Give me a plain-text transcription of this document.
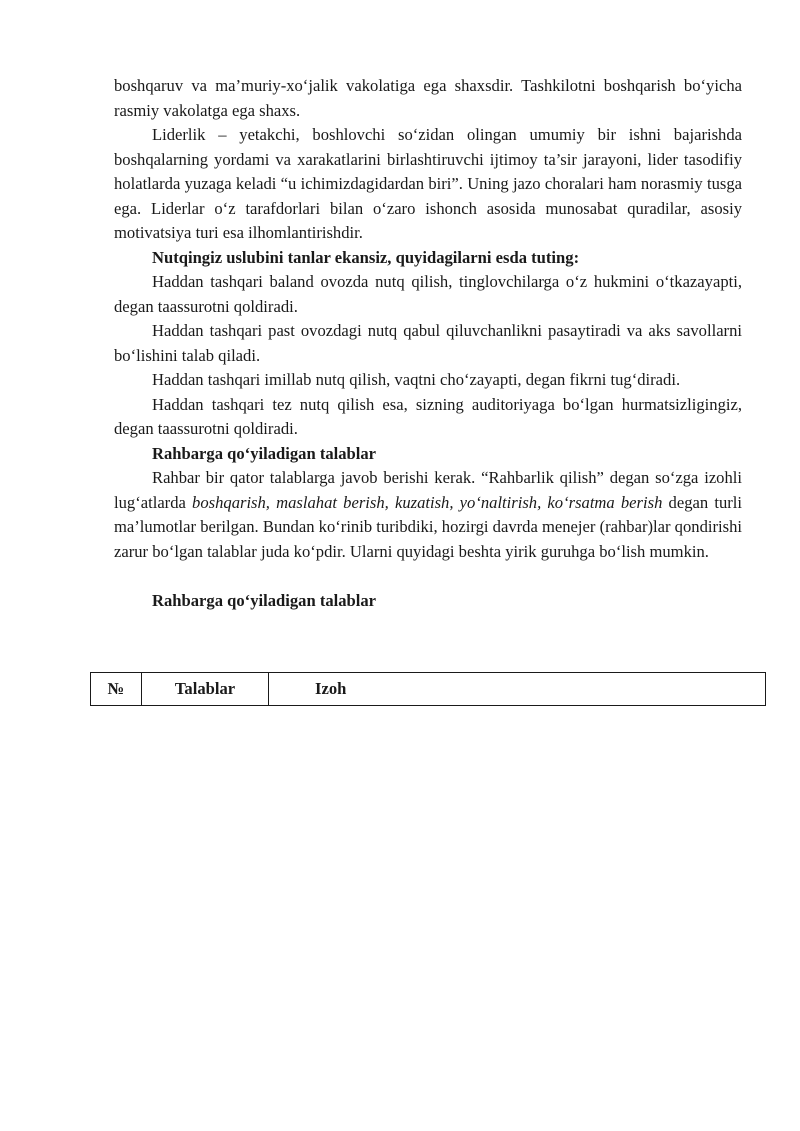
boshqaruv va ma’muriy-xo‘jalik vakolatiga ega shaxsdir. Tashkilotni boshqarish bo‘yicha rasmiy vakolatga ega shaxs.

Liderlik – yetakchi, boshlovchi so‘zidan olingan umumiy bir ishni bajarishda boshqalarning yordami va xarakatlarini birlashtiruvchi ijtimoy ta’sir jarayoni, lider tasodifiy holatlarda yuzaga keladi “u ichimizdagidardan biri”. Uning jazo choralari ham norasmiy tusga ega. Liderlar o‘z tarafdorlari bilan o‘zaro ishonch asosida munosabat quradilar, asosiy motivatsiya turi esa ilhomlantirishdir.

Nutqingiz uslubini tanlar ekansiz, quyidagilarni esda tuting:

Haddan tashqari baland ovozda nutq qilish, tinglovchilarga o‘z hukmini o‘tkazayapti, degan taassurotni qoldiradi.

Haddan tashqari past ovozdagi nutq qabul qiluvchanlikni pasaytiradi va aks savollarni bo‘lishini talab qiladi.

Haddan tashqari imillab nutq qilish, vaqtni cho‘zayapti, degan fikrni tug‘diradi.

Haddan tashqari tez nutq qilish esa, sizning auditoriyaga bo‘lgan hurmatsizligingiz, degan taassurotni qoldiradi.

Rahbarga qo‘yiladigan talablar

Rahbar bir qator talablarga javob berishi kerak. “Rahbarlik qilish” degan so‘zga izohli lug‘atlarda boshqarish, maslahat berish, kuzatish, yo‘naltirish, ko‘rsatma berish degan turli ma’lumotlar berilgan. Bundan ko‘rinib turibdiki, hozirgi davrda menejer (rahbar)lar qondirishi zarur bo‘lgan talablar juda ko‘pdir. Ularni quyidagi beshta yirik guruhga bo‘lish mumkin.

Rahbarga qo‘yiladigan talablar

№	Talablar	Izoh
